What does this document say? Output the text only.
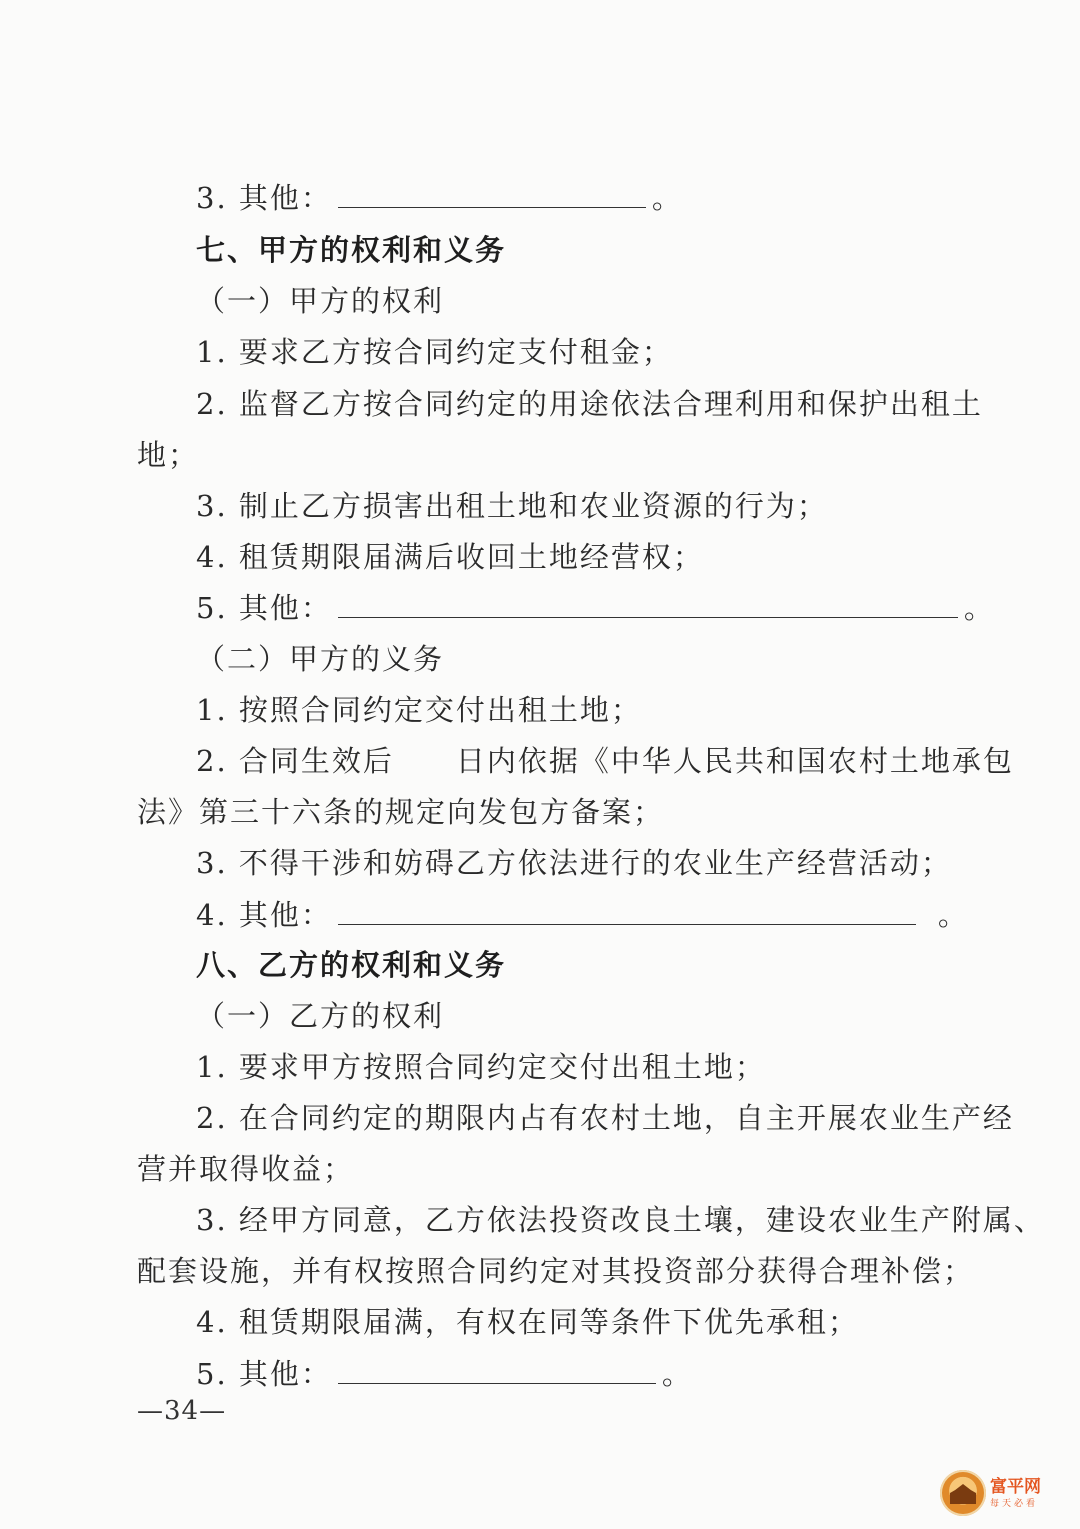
3. 其他：	。
七、甲方的权利和义务
（一）甲方的权利
1. 要求乙方按合同约定支付租金；
2. 监督乙方按合同约定的用途依法合理利用和保护出租土
地；
3. 制止乙方损害出租土地和农业资源的行为；
4. 租赁期限届满后收回土地经营权；
5. 其他：	。
（二）甲方的义务
1. 按照合同约定交付出租土地；
2. 合同生效后　　日内依据《中华人民共和国农村土地承包
法》第三十六条的规定向发包方备案；
3. 不得干涉和妨碍乙方依法进行的农业生产经营活动；
4. 其他：	。
八、乙方的权利和义务
（一）乙方的权利
1. 要求甲方按照合同约定交付出租土地；
2. 在合同约定的期限内占有农村土地，自主开展农业生产经
营并取得收益；
3. 经甲方同意，乙方依法投资改良土壤，建设农业生产附属、
配套设施，并有权按照合同约定对其投资部分获得合理补偿；
4. 租赁期限届满，有权在同等条件下优先承租；
5. 其他：	。
—34—
富平网
每天必看
